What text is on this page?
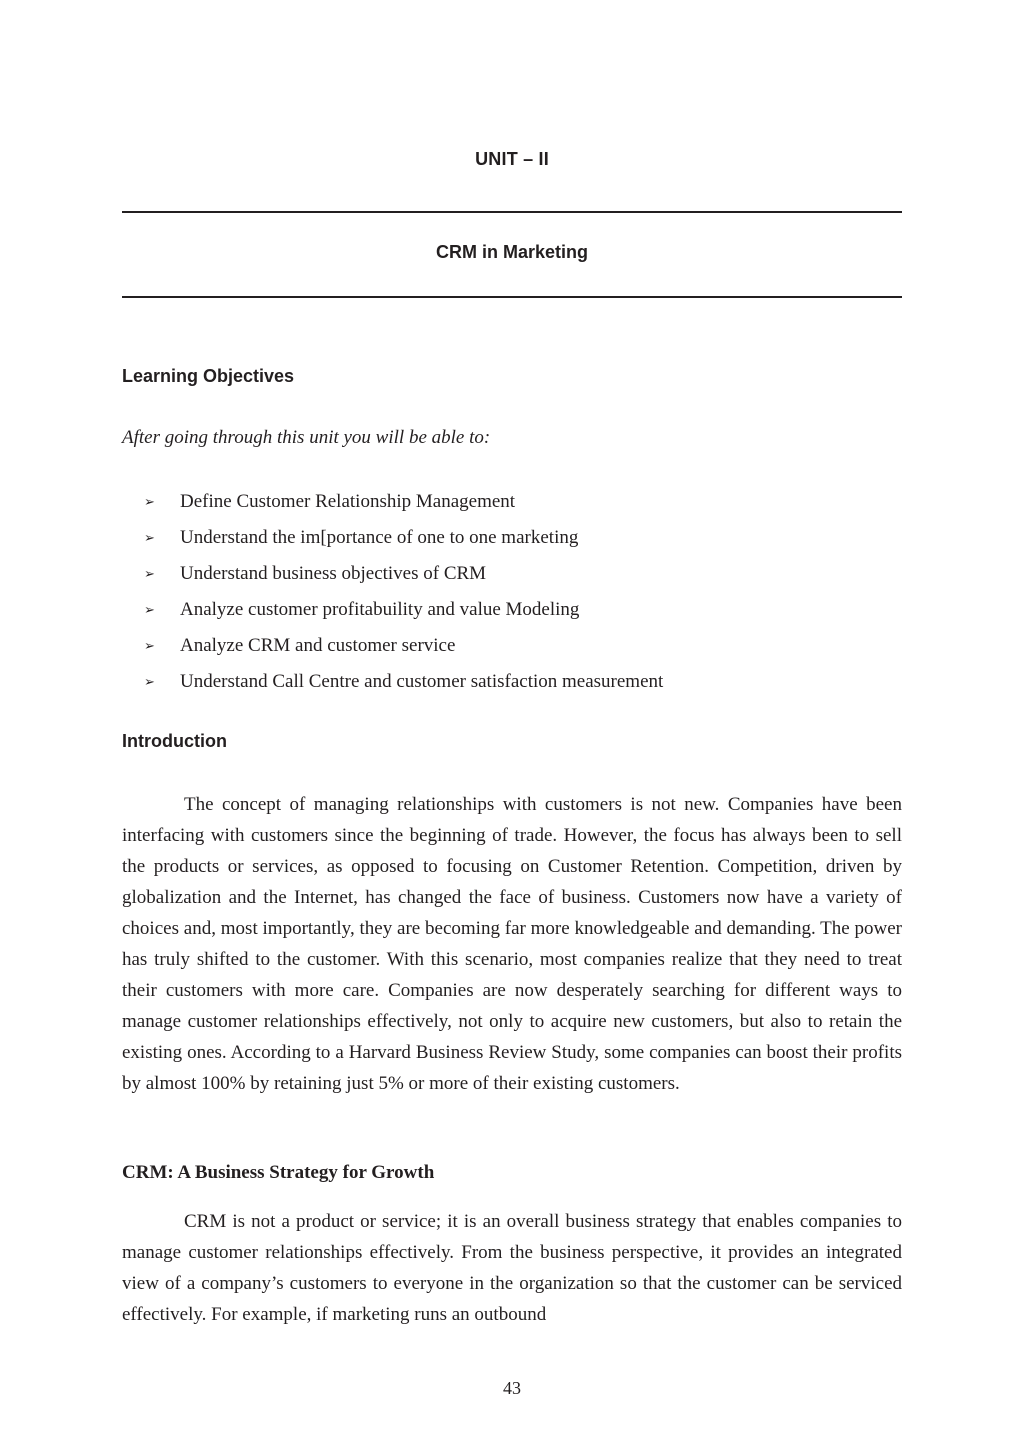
UNIT – II
CRM in Marketing
Learning Objectives

After going through this unit you will be able to:

➢ Define Customer Relationship Management
➢ Understand the im[portance of one to one marketing
➢ Understand business objectives of CRM
➢ Analyze customer profitabuility and value Modeling
➢ Analyze CRM and customer service
➢ Understand Call Centre and customer satisfaction measurement
Introduction

The concept of managing relationships with customers is not new. Companies have been interfacing with customers since the beginning of trade. However, the focus has always been to sell the products or services, as opposed to focusing on Customer Retention. Competition, driven by globalization and the Internet, has changed the face of business. Customers now have a variety of choices and, most importantly, they are becoming far more knowledgeable and demanding. The power has truly shifted to the customer. With this scenario, most companies realize that they need to treat their customers with more care. Companies are now desperately searching for different ways to manage customer relationships effectively, not only to acquire new customers, but also to retain the existing ones. According to a Harvard Business Review Study, some companies can boost their profits by almost 100% by retaining just 5% or more of their existing customers.

CRM: A Business Strategy for Growth

CRM is not a product or service; it is an overall business strategy that enables companies to manage customer relationships effectively. From the business perspective, it provides an integrated view of a company’s customers to everyone in the organization so that the customer can be serviced effectively. For example, if marketing runs an outbound

43
